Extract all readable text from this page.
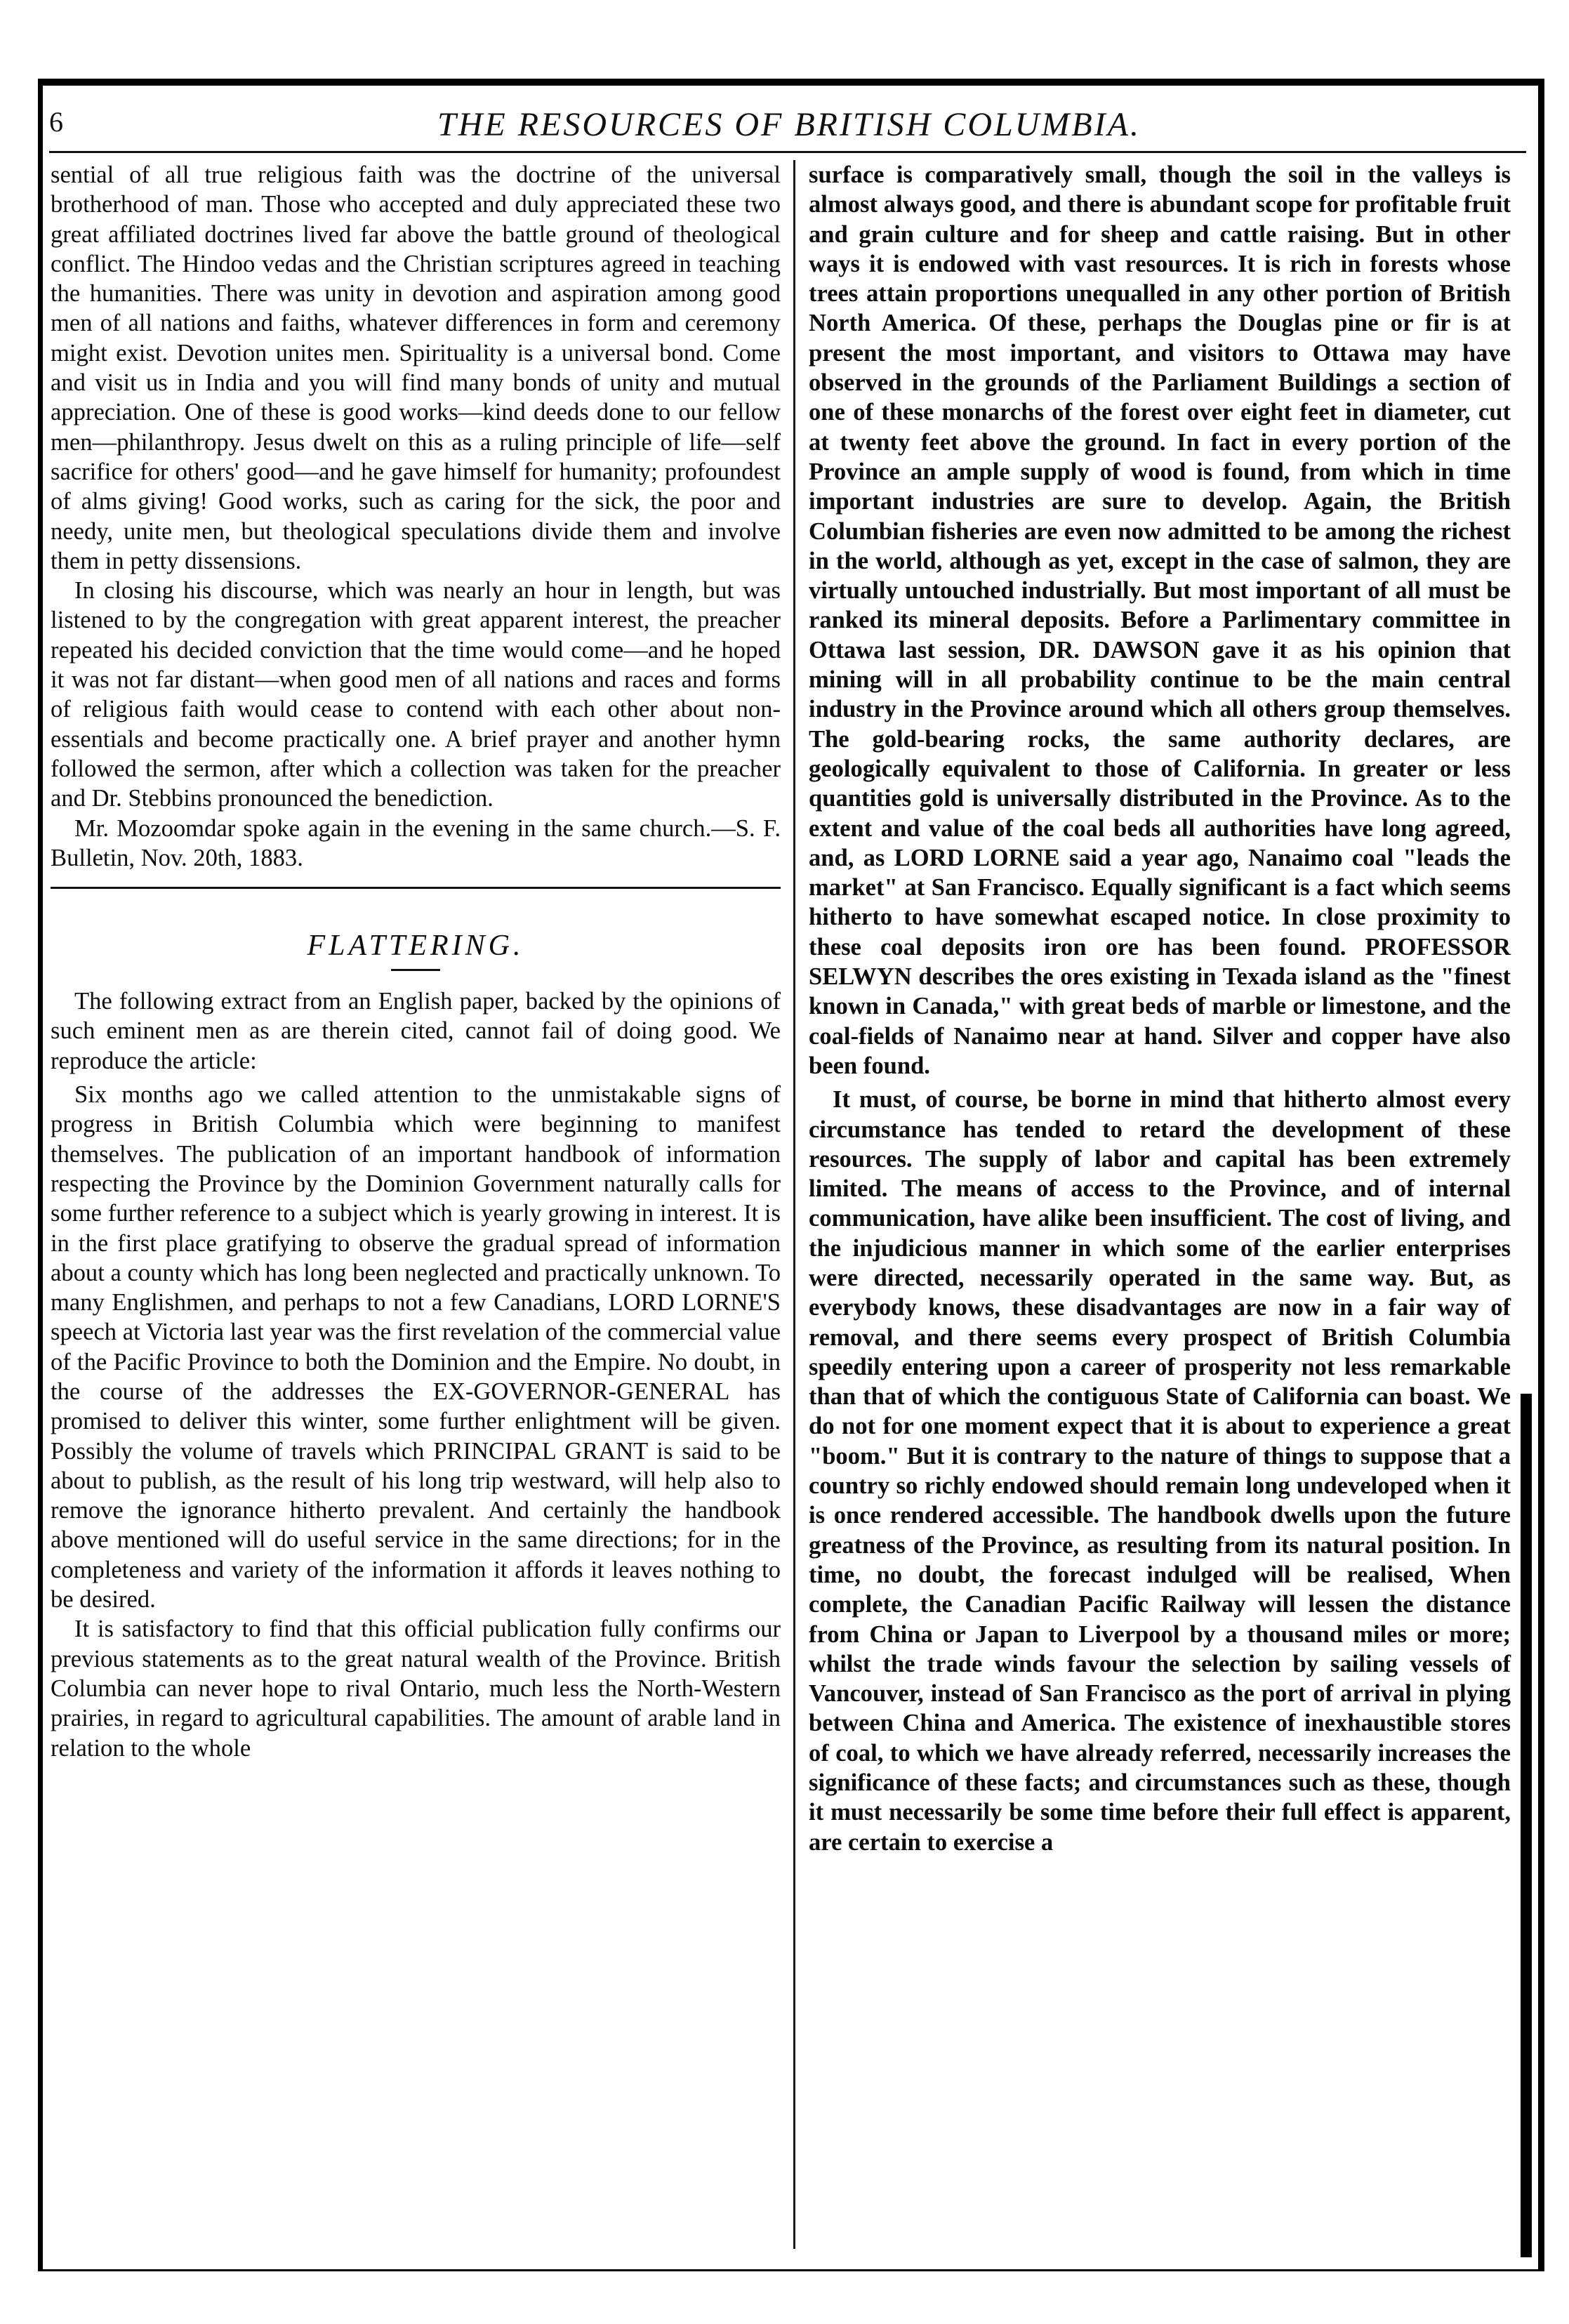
6	THE RESOURCES OF BRITISH COLUMBIA.

sential of all true religious faith was the doctrine of the universal brotherhood of man. Those who accepted and duly appreciated these two great affiliated doctrines lived far above the battle ground of theological conflict. The Hindoo vedas and the Christian scriptures agreed in teaching the humanities. There was unity in devotion and aspiration among good men of all nations and faiths, whatever differences in form and ceremony might exist. Devotion unites men. Spirituality is a universal bond. Come and visit us in India and you will find many bonds of unity and mutual appreciation. One of these is good works—kind deeds done to our fellow men—philanthropy. Jesus dwelt on this as a ruling principle of life—self sacrifice for others' good—and he gave himself for humanity; profoundest of alms giving! Good works, such as caring for the sick, the poor and needy, unite men, but theological speculations divide them and involve them in petty dissensions.

In closing his discourse, which was nearly an hour in length, but was listened to by the congregation with great apparent interest, the preacher repeated his decided conviction that the time would come—and he hoped it was not far distant—when good men of all nations and races and forms of religious faith would cease to contend with each other about non-essentials and become practically one. A brief prayer and another hymn followed the sermon, after which a collection was taken for the preacher and Dr. Stebbins pronounced the benediction.

Mr. Mozoomdar spoke again in the evening in the same church.—S. F. Bulletin, Nov. 20th, 1883.

FLATTERING.

The following extract from an English paper, backed by the opinions of such eminent men as are therein cited, cannot fail of doing good. We reproduce the article:

Six months ago we called attention to the unmistakable signs of progress in British Columbia which were beginning to manifest themselves. The publication of an important handbook of information respecting the Province by the Dominion Government naturally calls for some further reference to a subject which is yearly growing in interest. It is in the first place gratifying to observe the gradual spread of information about a county which has long been neglected and practically unknown. To many Englishmen, and perhaps to not a few Canadians, LORD LORNE'S speech at Victoria last year was the first revelation of the commercial value of the Pacific Province to both the Dominion and the Empire. No doubt, in the course of the addresses the EX-GOVERNOR-GENERAL has promised to deliver this winter, some further enlightment will be given. Possibly the volume of travels which PRINCIPAL GRANT is said to be about to publish, as the result of his long trip westward, will help also to remove the ignorance hitherto prevalent. And certainly the handbook above mentioned will do useful service in the same directions; for in the completeness and variety of the information it affords it leaves nothing to be desired.

It is satisfactory to find that this official publication fully confirms our previous statements as to the great natural wealth of the Province. British Columbia can never hope to rival Ontario, much less the North-Western prairies, in regard to agricultural capabilities. The amount of arable land in relation to the whole

surface is comparatively small, though the soil in the valleys is almost always good, and there is abundant scope for profitable fruit and grain culture and for sheep and cattle raising. But in other ways it is endowed with vast resources. It is rich in forests whose trees attain proportions unequalled in any other portion of British North America. Of these, perhaps the Douglas pine or fir is at present the most important, and visitors to Ottawa may have observed in the grounds of the Parliament Buildings a section of one of these monarchs of the forest over eight feet in diameter, cut at twenty feet above the ground. In fact in every portion of the Province an ample supply of wood is found, from which in time important industries are sure to develop. Again, the British Columbian fisheries are even now admitted to be among the richest in the world, although as yet, except in the case of salmon, they are virtually untouched industrially. But most important of all must be ranked its mineral deposits. Before a Parlimentary committee in Ottawa last session, DR. DAWSON gave it as his opinion that mining will in all probability continue to be the main central industry in the Province around which all others group themselves. The gold-bearing rocks, the same authority declares, are geologically equivalent to those of California. In greater or less quantities gold is universally distributed in the Province. As to the extent and value of the coal beds all authorities have long agreed, and, as LORD LORNE said a year ago, Nanaimo coal "leads the market" at San Francisco. Equally significant is a fact which seems hitherto to have somewhat escaped notice. In close proximity to these coal deposits iron ore has been found. PROFESSOR SELWYN describes the ores existing in Texada island as the "finest known in Canada," with great beds of marble or limestone, and the coal-fields of Nanaimo near at hand. Silver and copper have also been found.

It must, of course, be borne in mind that hitherto almost every circumstance has tended to retard the development of these resources. The supply of labor and capital has been extremely limited. The means of access to the Province, and of internal communication, have alike been insufficient. The cost of living, and the injudicious manner in which some of the earlier enterprises were directed, necessarily operated in the same way. But, as everybody knows, these disadvantages are now in a fair way of removal, and there seems every prospect of British Columbia speedily entering upon a career of prosperity not less remarkable than that of which the contiguous State of California can boast. We do not for one moment expect that it is about to experience a great "boom." But it is contrary to the nature of things to suppose that a country so richly endowed should remain long undeveloped when it is once rendered accessible. The handbook dwells upon the future greatness of the Province, as resulting from its natural position. In time, no doubt, the forecast indulged will be realised, When complete, the Canadian Pacific Railway will lessen the distance from China or Japan to Liverpool by a thousand miles or more; whilst the trade winds favour the selection by sailing vessels of Vancouver, instead of San Francisco as the port of arrival in plying between China and America. The existence of inexhaustible stores of coal, to which we have already referred, necessarily increases the significance of these facts; and circumstances such as these, though it must necessarily be some time before their full effect is apparent, are certain to exercise a
